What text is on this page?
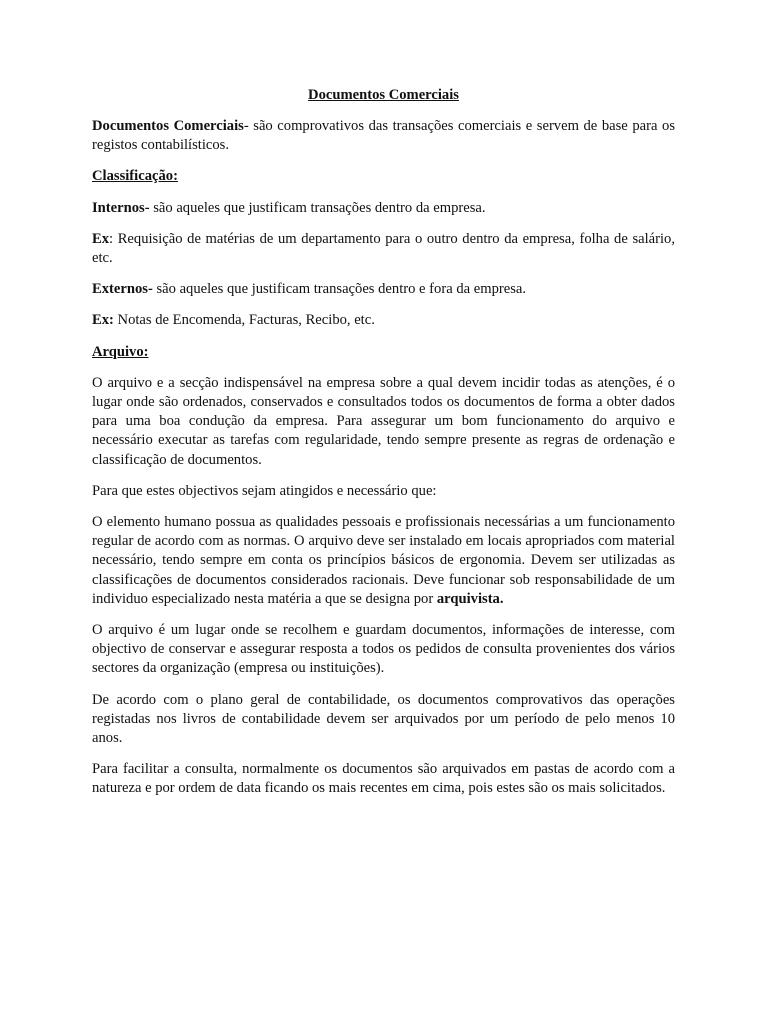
Documentos Comerciais

Documentos Comerciais- são comprovativos das transações comerciais e servem de base para os registos contabilísticos.

Classificação:

Internos- são aqueles que justificam transações dentro da empresa.

Ex: Requisição de matérias de um departamento para o outro dentro da empresa, folha de salário, etc.

Externos- são aqueles que justificam transações dentro e fora da empresa.

Ex: Notas de Encomenda, Facturas, Recibo, etc.

Arquivo:

O arquivo e a secção indispensável na empresa sobre a qual devem incidir todas as atenções, é o lugar onde são ordenados, conservados e consultados todos os documentos de forma a obter dados para uma boa condução da empresa. Para assegurar um bom funcionamento do arquivo e necessário executar as tarefas com regularidade, tendo sempre presente as regras de ordenação e classificação de documentos.

Para que estes objectivos sejam atingidos e necessário que:

O elemento humano possua as qualidades pessoais e profissionais necessárias a um funcionamento regular de acordo com as normas. O arquivo deve ser instalado em locais apropriados com material necessário, tendo sempre em conta os princípios básicos de ergonomia. Devem ser utilizadas as classificações de documentos considerados racionais. Deve funcionar sob responsabilidade de um individuo especializado nesta matéria a que se designa por arquivista.

O arquivo é um lugar onde se recolhem e guardam documentos, informações de interesse, com objectivo de conservar e assegurar resposta a todos os pedidos de consulta provenientes dos vários sectores da organização (empresa ou instituições).

De acordo com o plano geral de contabilidade, os documentos comprovativos das operações registadas nos livros de contabilidade devem ser arquivados por um período de pelo menos 10 anos.

Para facilitar a consulta, normalmente os documentos são arquivados em pastas de acordo com a natureza e por ordem de data ficando os mais recentes em cima, pois estes são os mais solicitados.
